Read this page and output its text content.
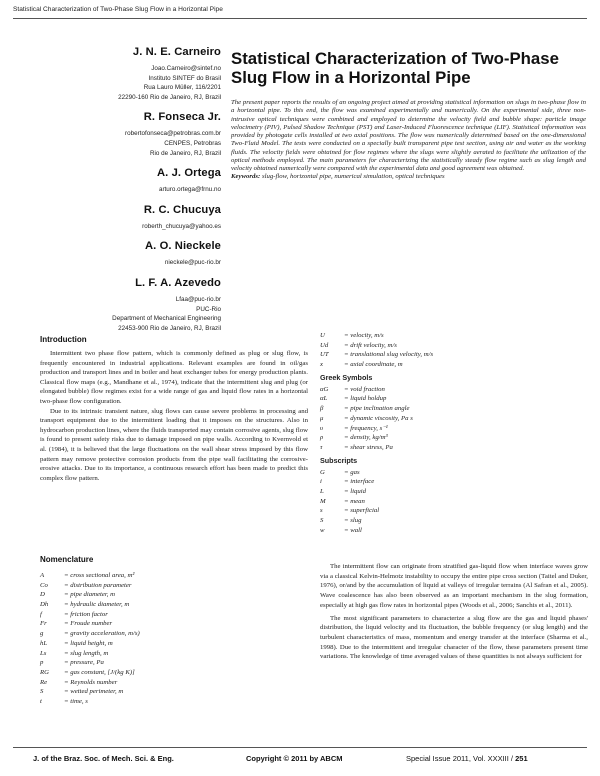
Statistical Characterization of Two-Phase Slug Flow in a Horizontal Pipe
J. N. E. Carneiro
Joao.Carneiro@sintef.no
Instituto SINTEF do Brasil
Rua Lauro Müller, 116/2201
22290-160 Rio de Janeiro, RJ, Brazil
R. Fonseca Jr.
robertofonseca@petrobras.com.br
CENPES, Petrobras
Rio de Janeiro, RJ, Brazil
A. J. Ortega
arturo.ortega@frnu.no
R. C. Chucuya
roberth_chucuya@yahoo.es
A. O. Nieckele
nieckele@puc-rio.br
L. F. A. Azevedo
Lfaa@puc-rio.br
PUC-Rio
Department of Mechanical Engineering
22453-900 Rio de Janeiro, RJ, Brazil
Statistical Characterization of Two-Phase Slug Flow in a Horizontal Pipe
The present paper reports the results of an ongoing project aimed at providing statistical information on slugs in two-phase flow in a horizontal pipe. To this end, the flow was examined experimentally and numerically. On the experimental side, three non-intrusive optical techniques were combined and employed to determine the velocity field and bubble shape: particle image velocimetry (PIV), Pulsed Shadow Technique (PST) and Laser-Induced Fluorescence technique (LIF). Statistical information was provided by photogate cells installed at two axial positions. The flow was numerically determined based on the one-dimensional Two-Fluid Model. The tests were conducted on a specially built transparent pipe test section, using air and water as the working fluids. The velocity fields were obtained for flow regimes where the slugs were slightly aerated to facilitate the utilization of the optical methods employed. The main parameters for characterizing the statistically steady flow regime such as slug length and velocity obtained numerically were compared with the experimental data and good agreement was obtained.
Keywords: slug-flow, horizontal pipe, numerical simulation, optical techniques
Introduction

Intermittent two phase flow pattern, which is commonly defined as plug or slug flow, is frequently encountered in industrial applications. Relevant examples are found in oil/gas production and transport lines and in boiler and heat exchanger tubes for energy production plants. Classical flow maps (e.g., Mandhane et al., 1974), indicate that the intermittent slug and plug (or elongated bubble) flow regimes exist for a wide range of gas and liquid flow rates in a horizontal two-phase flow configuration.

Due to its intrinsic transient nature, slug flows can cause severe problems in processing and transport equipment due to the intermittent loading that it imposes on the structures. Also in hydrocarbon production lines, where the fluids transported may contain corrosive agents, slug flow is found to present safety risks due to damage imposed on pipe walls. According to Kvernvold et al. (1984), it is believed that the large fluctuations on the wall shear stress imposed by this flow pattern may remove protective corrosion products from the pipe wall facilitating the corrosive-erosive attacks. Due to its importance, a continuous research effort has been made to predict this complex flow pattern.

Nomenclature
A	= cross sectional area, m²
Co	= distribution parameter
D	= pipe diameter, m
Dh	= hydraulic diameter, m
f	= friction factor
Fr	= Froude number
g	= gravity acceleration, m/s)
hL	= liquid height, m
Ls	= slug length, m
p	= pressure, Pa
RG	= gas constant, [J/(kg K)]
Re	= Reynolds number
S	= wetted perimeter, m
t	= time, s
U	= velocity, m/s
Ud	= drift velocity, m/s
UT	= translational slug velocity, m/s
x	= axial coordinate, m
Greek Symbols
αG	= void fraction
αL	= liquid holdup
β	= pipe inclination angle
μ	= dynamic viscosity, Pa s
υ	= frequency, s⁻¹
ρ	= density, kg/m³
τ	= shear stress, Pa
Subscripts
G	= gas
i	= interface
L	= liquid
M	= mean
s	= superficial
S	= slug
w	= wall

The intermittent flow can originate from stratified gas-liquid flow when interface waves grow via a classical Kelvin-Helmotz instability to occupy the entire pipe cross section (Taitel and Duker, 1976), or/and by the accumulation of liquid at valleys of irregular terrains (Al Safran et al., 2005). Wave coalescence has also been observed as an important mechanism in the slug formation, especially at high gas flow rates in horizontal pipes (Woods et al., 2006; Sanchis et al., 2011).

The most significant parameters to characterize a slug flow are the gas and liquid phases' distribution, the liquid velocity and its fluctuation, the bubble frequency (or slug length) and the turbulent characteristics of mass, momentum and energy transfer at the interface (Sharma et al., 1998). Due to the intermittent and irregular character of the flow, these parameters present time variations. The knowledge of time averaged values of these quantities is not always sufficient for

J. of the Braz. Soc. of Mech. Sci. & Eng.	Copyright © 2011 by ABCM	Special Issue 2011, Vol. XXXIII / 251
